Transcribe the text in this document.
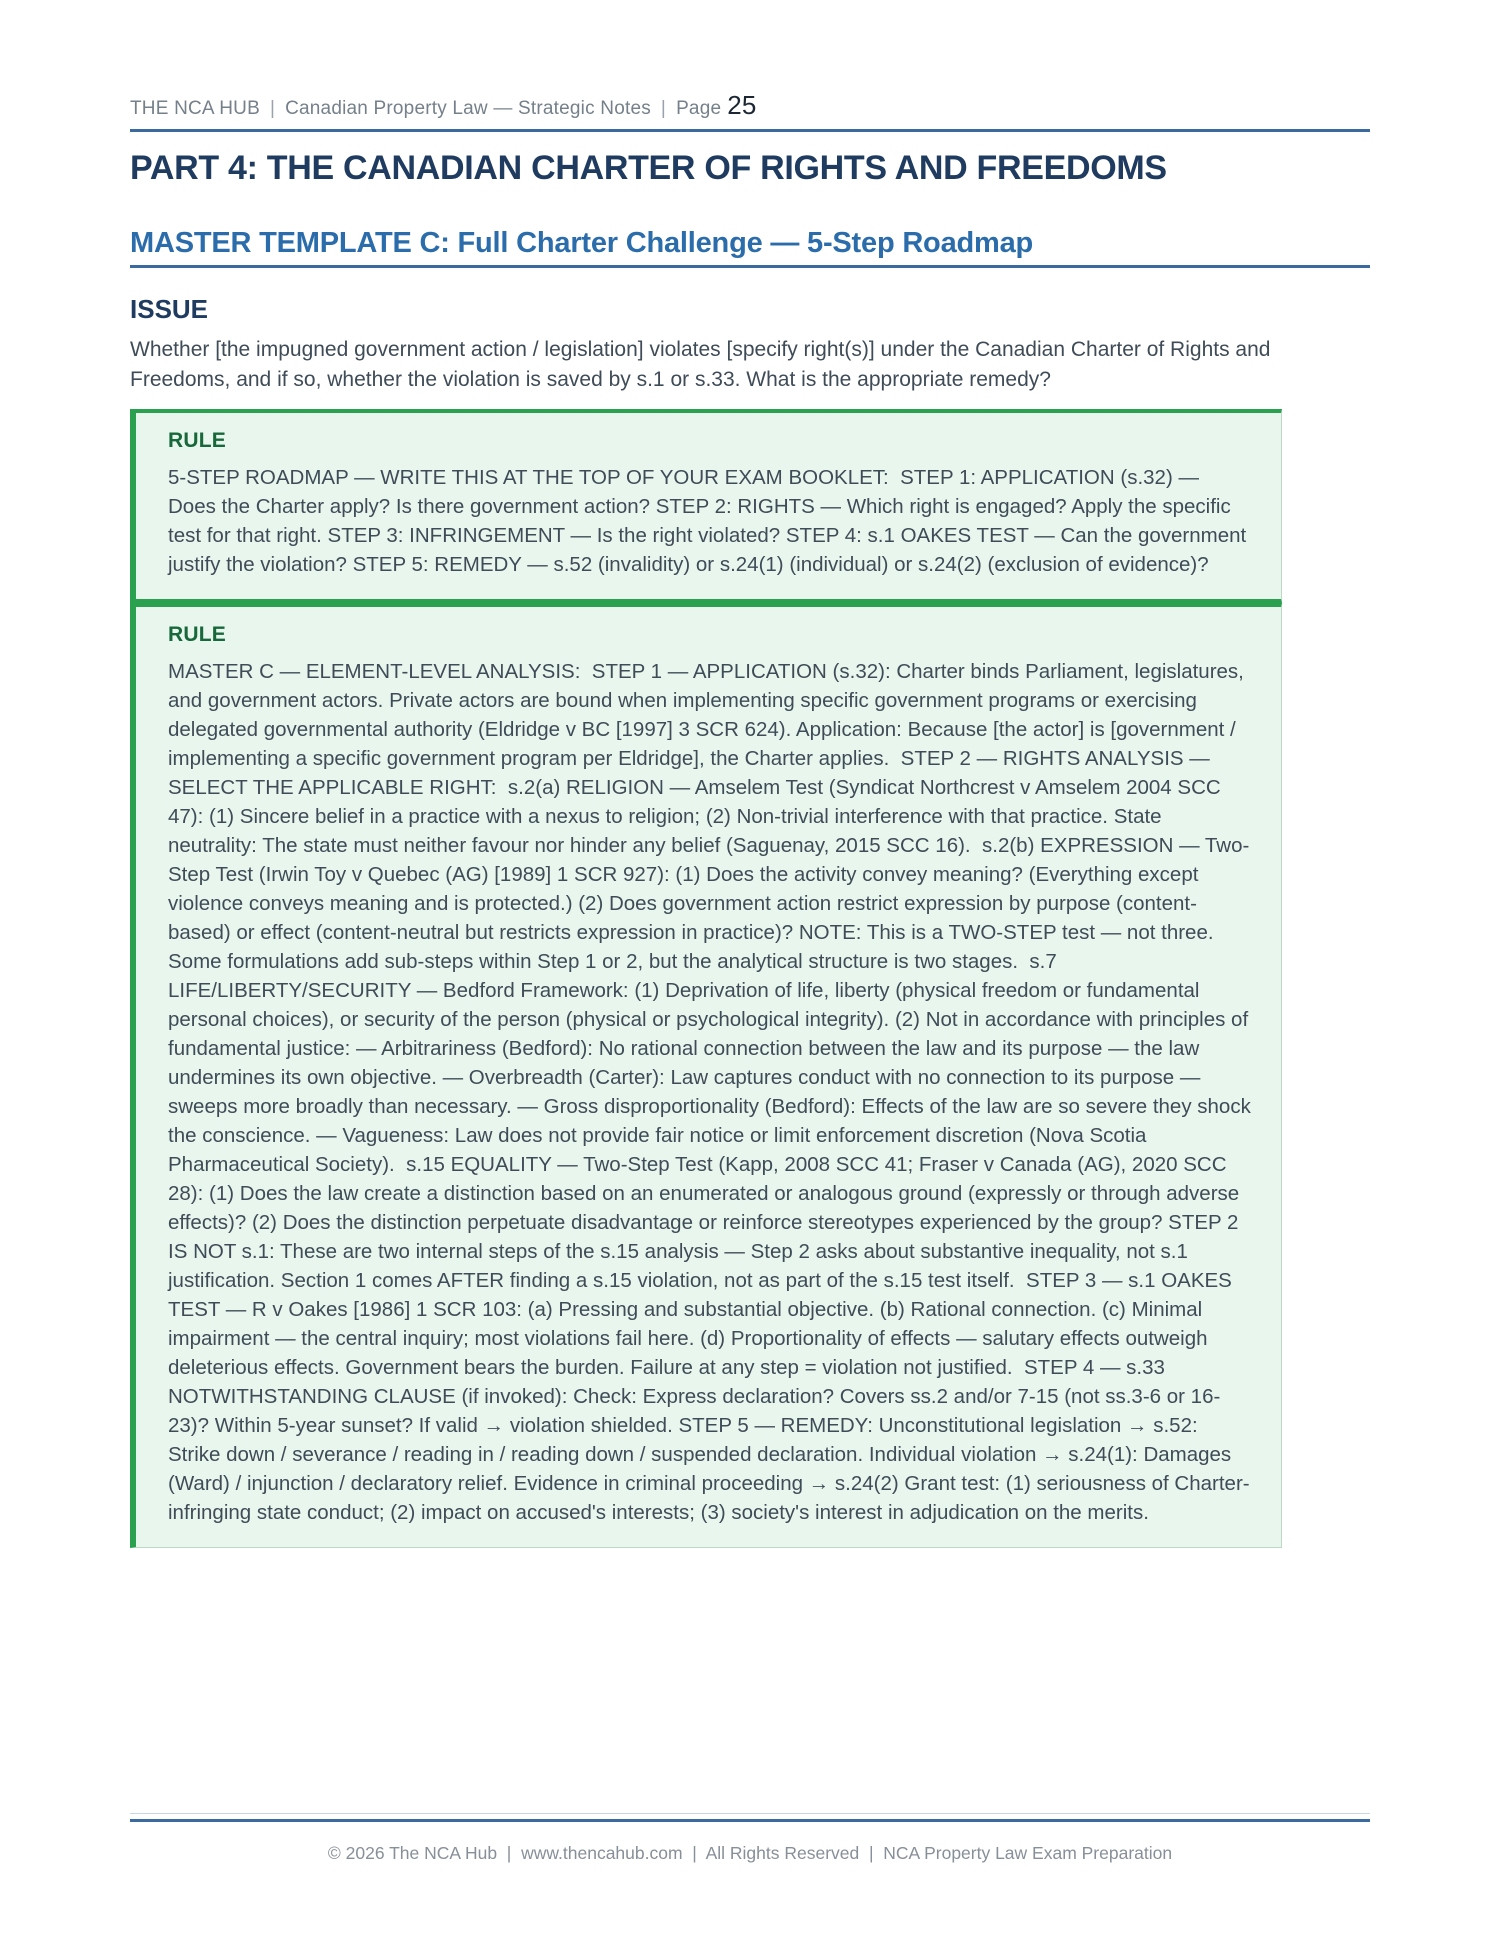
THE NCA HUB | Canadian Property Law — Strategic Notes | Page 25
PART 4: THE CANADIAN CHARTER OF RIGHTS AND FREEDOMS
MASTER TEMPLATE C: Full Charter Challenge — 5-Step Roadmap
ISSUE

Whether [the impugned government action / legislation] violates [specify right(s)] under the Canadian Charter of Rights and Freedoms, and if so, whether the violation is saved by s.1 or s.33. What is the appropriate remedy?

RULE

5-STEP ROADMAP — WRITE THIS AT THE TOP OF YOUR EXAM BOOKLET:  STEP 1: APPLICATION (s.32) — Does the Charter apply? Is there government action? STEP 2: RIGHTS — Which right is engaged? Apply the specific test for that right. STEP 3: INFRINGEMENT — Is the right violated? STEP 4: s.1 OAKES TEST — Can the government justify the violation? STEP 5: REMEDY — s.52 (invalidity) or s.24(1) (individual) or s.24(2) (exclusion of evidence)?

RULE

MASTER C — ELEMENT-LEVEL ANALYSIS:  STEP 1 — APPLICATION (s.32): Charter binds Parliament, legislatures, and government actors. Private actors are bound when implementing specific government programs or exercising delegated governmental authority (Eldridge v BC [1997] 3 SCR 624). Application: Because [the actor] is [government / implementing a specific government program per Eldridge], the Charter applies.  STEP 2 — RIGHTS ANALYSIS — SELECT THE APPLICABLE RIGHT:  s.2(a) RELIGION — Amselem Test (Syndicat Northcrest v Amselem 2004 SCC 47): (1) Sincere belief in a practice with a nexus to religion; (2) Non-trivial interference with that practice. State neutrality: The state must neither favour nor hinder any belief (Saguenay, 2015 SCC 16).  s.2(b) EXPRESSION — Two-Step Test (Irwin Toy v Quebec (AG) [1989] 1 SCR 927): (1) Does the activity convey meaning? (Everything except violence conveys meaning and is protected.) (2) Does government action restrict expression by purpose (content-based) or effect (content-neutral but restricts expression in practice)? NOTE: This is a TWO-STEP test — not three. Some formulations add sub-steps within Step 1 or 2, but the analytical structure is two stages.  s.7 LIFE/LIBERTY/SECURITY — Bedford Framework: (1) Deprivation of life, liberty (physical freedom or fundamental personal choices), or security of the person (physical or psychological integrity). (2) Not in accordance with principles of fundamental justice: — Arbitrariness (Bedford): No rational connection between the law and its purpose — the law undermines its own objective. — Overbreadth (Carter): Law captures conduct with no connection to its purpose — sweeps more broadly than necessary. — Gross disproportionality (Bedford): Effects of the law are so severe they shock the conscience. — Vagueness: Law does not provide fair notice or limit enforcement discretion (Nova Scotia Pharmaceutical Society).  s.15 EQUALITY — Two-Step Test (Kapp, 2008 SCC 41; Fraser v Canada (AG), 2020 SCC 28): (1) Does the law create a distinction based on an enumerated or analogous ground (expressly or through adverse effects)? (2) Does the distinction perpetuate disadvantage or reinforce stereotypes experienced by the group? STEP 2 IS NOT s.1: These are two internal steps of the s.15 analysis — Step 2 asks about substantive inequality, not s.1 justification. Section 1 comes AFTER finding a s.15 violation, not as part of the s.15 test itself.  STEP 3 — s.1 OAKES TEST — R v Oakes [1986] 1 SCR 103: (a) Pressing and substantial objective. (b) Rational connection. (c) Minimal impairment — the central inquiry; most violations fail here. (d) Proportionality of effects — salutary effects outweigh deleterious effects. Government bears the burden. Failure at any step = violation not justified.  STEP 4 — s.33 NOTWITHSTANDING CLAUSE (if invoked): Check: Express declaration? Covers ss.2 and/or 7-15 (not ss.3-6 or 16-23)? Within 5-year sunset? If valid → violation shielded. STEP 5 — REMEDY: Unconstitutional legislation → s.52: Strike down / severance / reading in / reading down / suspended declaration. Individual violation → s.24(1): Damages (Ward) / injunction / declaratory relief. Evidence in criminal proceeding → s.24(2) Grant test: (1) seriousness of Charter-infringing state conduct; (2) impact on accused's interests; (3) society's interest in adjudication on the merits.

© 2026 The NCA Hub  |  www.thencahub.com  |  All Rights Reserved  |  NCA Property Law Exam Preparation
